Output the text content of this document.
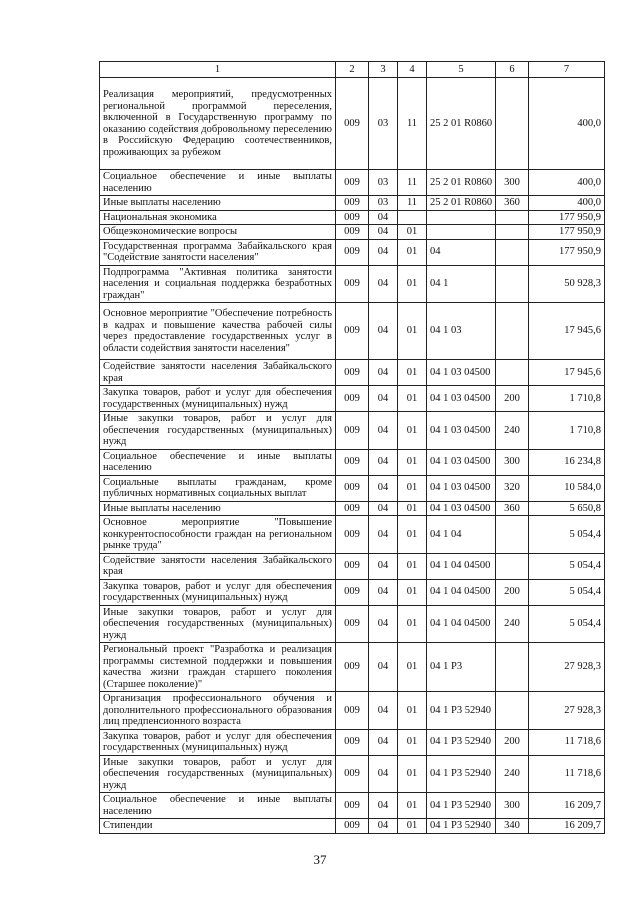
1	2	3	4	5	6	7
Реализация мероприятий, предусмотренных региональной программой переселения, включенной в Государственную программу по оказанию содействия добровольному переселению в Российскую Федерацию соотечественников, проживающих за рубежом	009	03	11	25 2 01 R0860		400,0
Социальное обеспечение и иные выплаты населению	009	03	11	25 2 01 R0860	300	400,0
Иные выплаты населению	009	03	11	25 2 01 R0860	360	400,0
Национальная экономика	009	04				177 950,9
Общеэкономические вопросы	009	04	01			177 950,9
Государственная программа Забайкальского края "Содействие занятости населения"	009	04	01	04		177 950,9
Подпрограмма "Активная политика занятости населения и социальная поддержка безработных граждан"	009	04	01	04 1		50 928,3
Основное мероприятие "Обеспечение потребность в кадрах и повышение качества рабочей силы через предоставление государственных услуг в области содействия занятости населения"	009	04	01	04 1 03		17 945,6
Содействие занятости населения Забайкальского края	009	04	01	04 1 03 04500		17 945,6
Закупка товаров, работ и услуг для обеспечения государственных (муниципальных) нужд	009	04	01	04 1 03 04500	200	1 710,8
Иные закупки товаров, работ и услуг для обеспечения государственных (муниципальных) нужд	009	04	01	04 1 03 04500	240	1 710,8
Социальное обеспечение и иные выплаты населению	009	04	01	04 1 03 04500	300	16 234,8
Социальные выплаты гражданам, кроме публичных нормативных социальных выплат	009	04	01	04 1 03 04500	320	10 584,0
Иные выплаты населению	009	04	01	04 1 03 04500	360	5 650,8
Основное мероприятие "Повышение конкурентоспособности граждан на региональном рынке труда"	009	04	01	04 1 04		5 054,4
Содействие занятости населения Забайкальского края	009	04	01	04 1 04 04500		5 054,4
Закупка товаров, работ и услуг для обеспечения государственных (муниципальных) нужд	009	04	01	04 1 04 04500	200	5 054,4
Иные закупки товаров, работ и услуг для обеспечения государственных (муниципальных) нужд	009	04	01	04 1 04 04500	240	5 054,4
Региональный проект "Разработка и реализация программы системной поддержки и повышения качества жизни граждан старшего поколения (Старшее поколение)"	009	04	01	04 1 P3		27 928,3
Организация профессионального обучения и дополнительного профессионального образования лиц предпенсионного возраста	009	04	01	04 1 P3 52940		27 928,3
Закупка товаров, работ и услуг для обеспечения государственных (муниципальных) нужд	009	04	01	04 1 P3 52940	200	11 718,6
Иные закупки товаров, работ и услуг для обеспечения государственных (муниципальных) нужд	009	04	01	04 1 P3 52940	240	11 718,6
Социальное обеспечение и иные выплаты населению	009	04	01	04 1 P3 52940	300	16 209,7
Стипендии	009	04	01	04 1 P3 52940	340	16 209,7
37
